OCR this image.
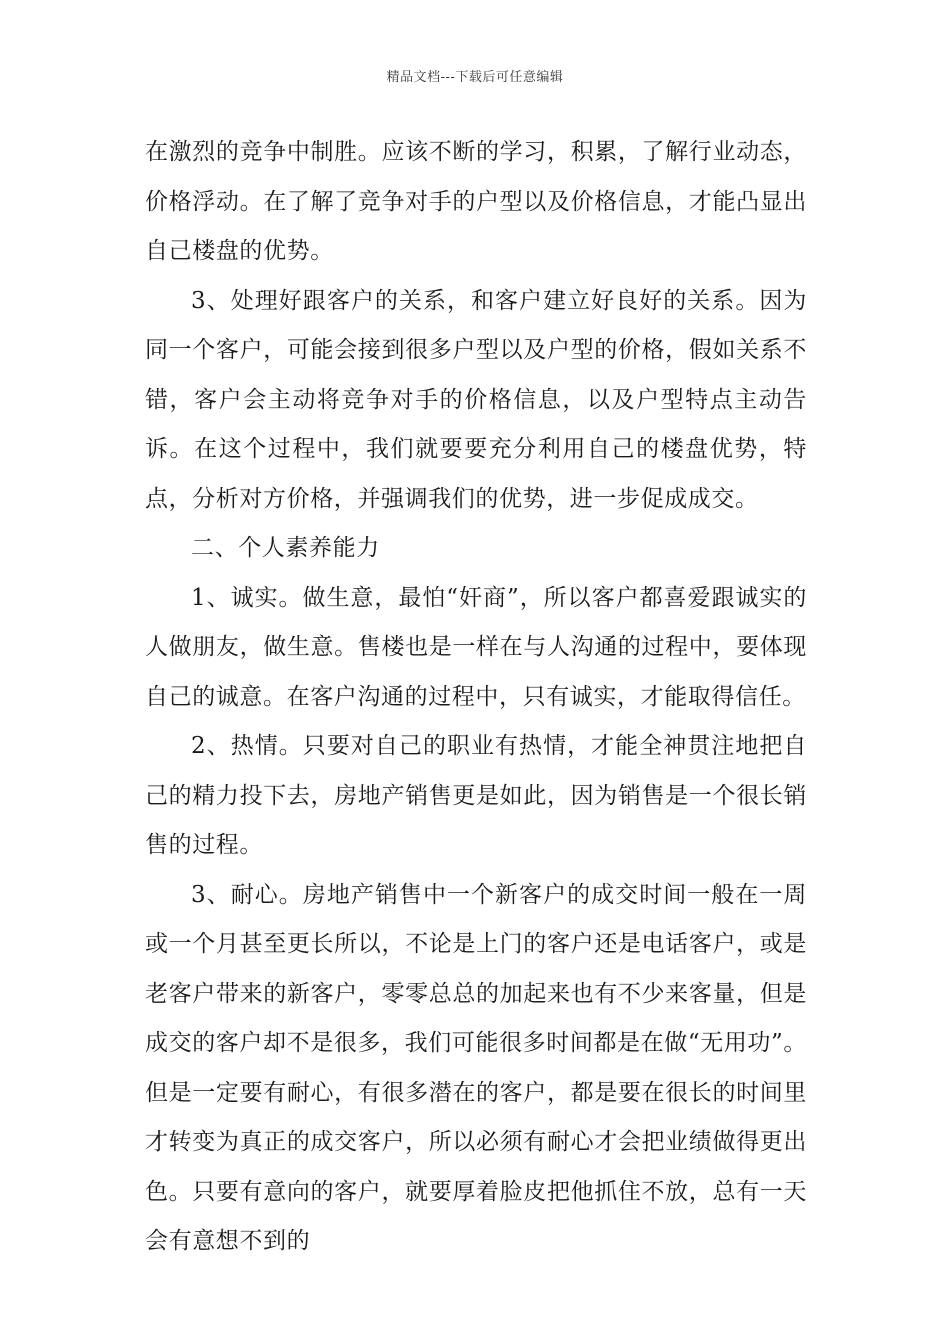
精品文档---下载后可任意编辑

在激烈的竞争中制胜。应该不断的学习，积累，了解行业动态，价格浮动。在了解了竞争对手的户型以及价格信息，才能凸显出自己楼盘的优势。

3、处理好跟客户的关系，和客户建立好良好的关系。因为同一个客户，可能会接到很多户型以及户型的价格，假如关系不错，客户会主动将竞争对手的价格信息，以及户型特点主动告诉。在这个过程中，我们就要要充分利用自己的楼盘优势，特点，分析对方价格，并强调我们的优势，进一步促成成交。

二、个人素养能力

1、诚实。做生意，最怕“奸商”，所以客户都喜爱跟诚实的人做朋友，做生意。售楼也是一样在与人沟通的过程中，要体现自己的诚意。在客户沟通的过程中，只有诚实，才能取得信任。

2、热情。只要对自己的职业有热情，才能全神贯注地把自己的精力投下去，房地产销售更是如此，因为销售是一个很长销售的过程。

3、耐心。房地产销售中一个新客户的成交时间一般在一周或一个月甚至更长所以，不论是上门的客户还是电话客户，或是老客户带来的新客户，零零总总的加起来也有不少来客量，但是成交的客户却不是很多，我们可能很多时间都是在做“无用功”。但是一定要有耐心，有很多潜在的客户，都是要在很长的时间里才转变为真正的成交客户，所以必须有耐心才会把业绩做得更出色。只要有意向的客户，就要厚着脸皮把他抓住不放，总有一天会有意想不到的
